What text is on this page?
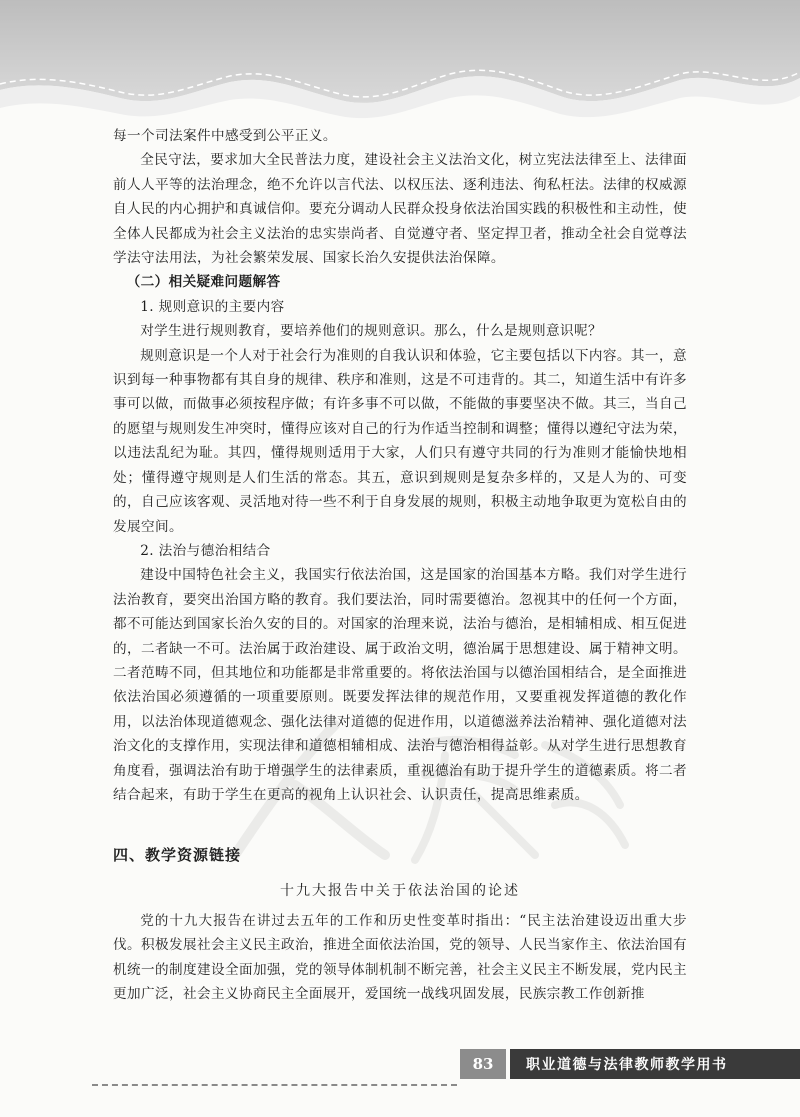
每一个司法案件中感受到公平正义。

全民守法，要求加大全民普法力度，建设社会主义法治文化，树立宪法法律至上、法律面前人人平等的法治理念，绝不允许以言代法、以权压法、逐利违法、徇私枉法。法律的权威源自人民的内心拥护和真诚信仰。要充分调动人民群众投身依法治国实践的积极性和主动性，使全体人民都成为社会主义法治的忠实崇尚者、自觉遵守者、坚定捍卫者，推动全社会自觉尊法学法守法用法，为社会繁荣发展、国家长治久安提供法治保障。

（二）相关疑难问题解答
1. 规则意识的主要内容

对学生进行规则教育，要培养他们的规则意识。那么，什么是规则意识呢？

规则意识是一个人对于社会行为准则的自我认识和体验，它主要包括以下内容。其一，意识到每一种事物都有其自身的规律、秩序和准则，这是不可违背的。其二，知道生活中有许多事可以做，而做事必须按程序做；有许多事不可以做，不能做的事要坚决不做。其三，当自己的愿望与规则发生冲突时，懂得应该对自己的行为作适当控制和调整；懂得以遵纪守法为荣，以违法乱纪为耻。其四，懂得规则适用于大家，人们只有遵守共同的行为准则才能愉快地相处；懂得遵守规则是人们生活的常态。其五，意识到规则是复杂多样的，又是人为的、可变的，自己应该客观、灵活地对待一些不利于自身发展的规则，积极主动地争取更为宽松自由的发展空间。

2. 法治与德治相结合

建设中国特色社会主义，我国实行依法治国，这是国家的治国基本方略。我们对学生进行法治教育，要突出治国方略的教育。我们要法治，同时需要德治。忽视其中的任何一个方面，都不可能达到国家长治久安的目的。对国家的治理来说，法治与德治，是相辅相成、相互促进的，二者缺一不可。法治属于政治建设、属于政治文明，德治属于思想建设、属于精神文明。二者范畴不同，但其地位和功能都是非常重要的。将依法治国与以德治国相结合，是全面推进依法治国必须遵循的一项重要原则。既要发挥法律的规范作用，又要重视发挥道德的教化作用，以法治体现道德观念、强化法律对道德的促进作用，以道德滋养法治精神、强化道德对法治文化的支撑作用，实现法律和道德相辅相成、法治与德治相得益彰。从对学生进行思想教育角度看，强调法治有助于增强学生的法律素质，重视德治有助于提升学生的道德素质。将二者结合起来，有助于学生在更高的视角上认识社会、认识责任，提高思维素质。

四、教学资源链接
十九大报告中关于依法治国的论述

党的十九大报告在讲过去五年的工作和历史性变革时指出：“民主法治建设迈出重大步伐。积极发展社会主义民主政治，推进全面依法治国，党的领导、人民当家作主、依法治国有机统一的制度建设全面加强，党的领导体制机制不断完善，社会主义民主不断发展，党内民主更加广泛，社会主义协商民主全面展开，爱国统一战线巩固发展，民族宗教工作创新推

83	职业道德与法律教师教学用书
